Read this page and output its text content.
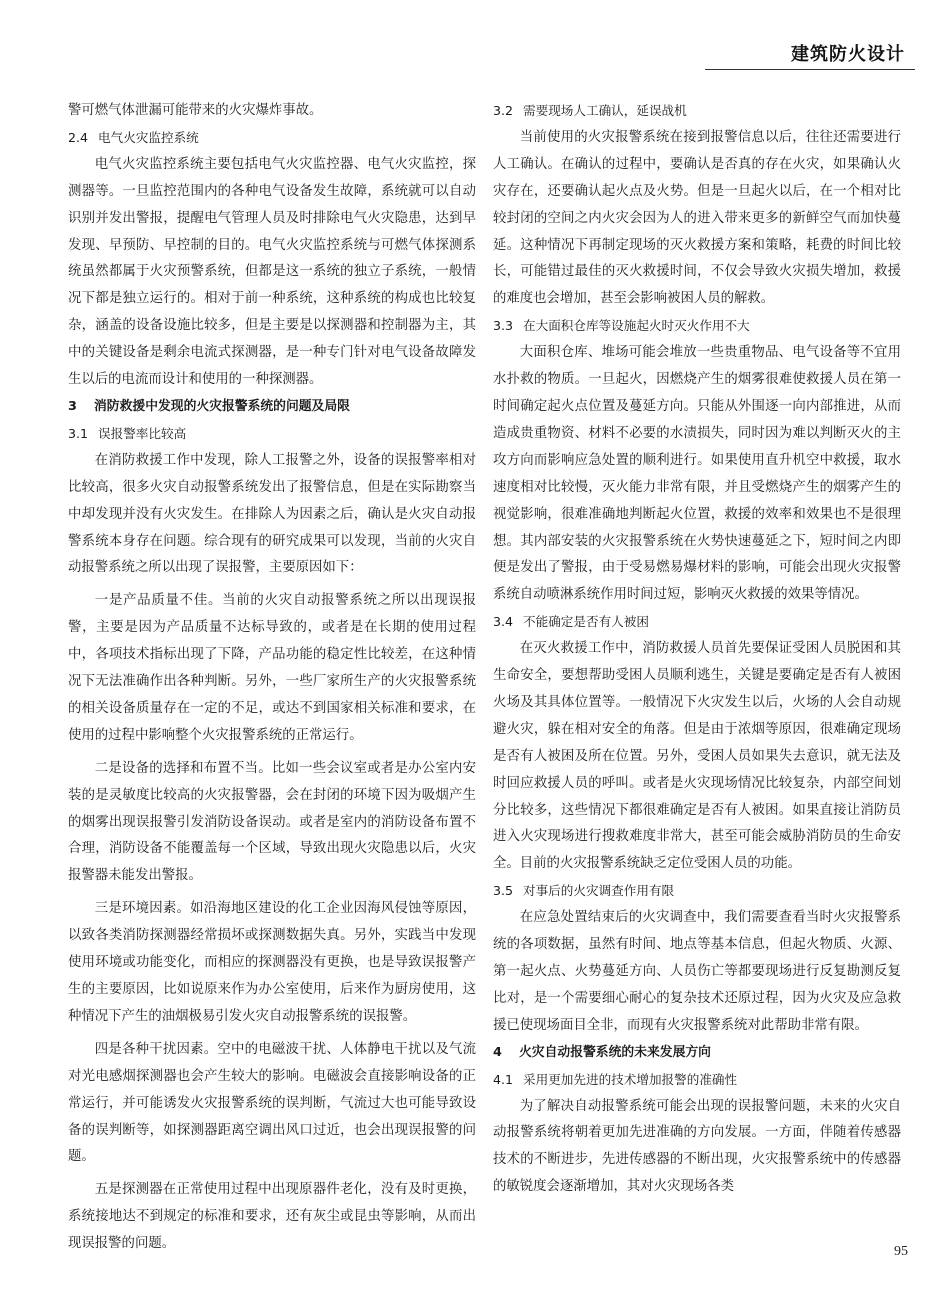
建筑防火设计

警可燃气体泄漏可能带来的火灾爆炸事故。

2.4 电气火灾监控系统

电气火灾监控系统主要包括电气火灾监控器、电气火灾监控，探测器等。一旦监控范围内的各种电气设备发生故障，系统就可以自动识别并发出警报，提醒电气管理人员及时排除电气火灾隐患，达到早发现、早预防、早控制的目的。电气火灾监控系统与可燃气体探测系统虽然都属于火灾预警系统，但都是这一系统的独立子系统，一般情况下都是独立运行的。相对于前一种系统，这种系统的构成也比较复杂，涵盖的设备设施比较多，但是主要是以探测器和控制器为主，其中的关键设备是剩余电流式探测器，是一种专门针对电气设备故障发生以后的电流而设计和使用的一种探测器。

3 消防救援中发现的火灾报警系统的问题及局限

3.1 误报警率比较高

在消防救援工作中发现，除人工报警之外，设备的误报警率相对比较高，很多火灾自动报警系统发出了报警信息，但是在实际勘察当中却发现并没有火灾发生。在排除人为因素之后，确认是火灾自动报警系统本身存在问题。综合现有的研究成果可以发现，当前的火灾自动报警系统之所以出现了误报警，主要原因如下：

一是产品质量不佳。当前的火灾自动报警系统之所以出现误报警，主要是因为产品质量不达标导致的，或者是在长期的使用过程中，各项技术指标出现了下降，产品功能的稳定性比较差，在这种情况下无法准确作出各种判断。另外，一些厂家所生产的火灾报警系统的相关设备质量存在一定的不足，或达不到国家相关标准和要求，在使用的过程中影响整个火灾报警系统的正常运行。

二是设备的选择和布置不当。比如一些会议室或者是办公室内安装的是灵敏度比较高的火灾报警器，会在封闭的环境下因为吸烟产生的烟雾出现误报警引发消防设备误动。或者是室内的消防设备布置不合理，消防设备不能覆盖每一个区域，导致出现火灾隐患以后，火灾报警器未能发出警报。

三是环境因素。如沿海地区建设的化工企业因海风侵蚀等原因，以致各类消防探测器经常损坏或探测数据失真。另外，实践当中发现使用环境或功能变化，而相应的探测器没有更换，也是导致误报警产生的主要原因，比如说原来作为办公室使用，后来作为厨房使用，这种情况下产生的油烟极易引发火灾自动报警系统的误报警。

四是各种干扰因素。空中的电磁波干扰、人体静电干扰以及气流对光电感烟探测器也会产生较大的影响。电磁波会直接影响设备的正常运行，并可能诱发火灾报警系统的误判断，气流过大也可能导致设备的误判断等，如探测器距离空调出风口过近，也会出现误报警的问题。

五是探测器在正常使用过程中出现原器件老化，没有及时更换，系统接地达不到规定的标准和要求，还有灰尘或昆虫等影响，从而出现误报警的问题。

3.2 需要现场人工确认，延误战机

当前使用的火灾报警系统在接到报警信息以后，往往还需要进行人工确认。在确认的过程中，要确认是否真的存在火灾，如果确认火灾存在，还要确认起火点及火势。但是一旦起火以后，在一个相对比较封闭的空间之内火灾会因为人的进入带来更多的新鲜空气而加快蔓延。这种情况下再制定现场的灭火救援方案和策略，耗费的时间比较长，可能错过最佳的灭火救援时间，不仅会导致火灾损失增加，救援的难度也会增加，甚至会影响被困人员的解救。

3.3 在大面积仓库等设施起火时灭火作用不大

大面积仓库、堆场可能会堆放一些贵重物品、电气设备等不宜用水扑救的物质。一旦起火，因燃烧产生的烟雾很难使救援人员在第一时间确定起火点位置及蔓延方向。只能从外围逐一向内部推进，从而造成贵重物资、材料不必要的水渍损失，同时因为难以判断灭火的主攻方向而影响应急处置的顺利进行。如果使用直升机空中救援，取水速度相对比较慢，灭火能力非常有限，并且受燃烧产生的烟雾产生的视觉影响，很难准确地判断起火位置，救援的效率和效果也不是很理想。其内部安装的火灾报警系统在火势快速蔓延之下，短时间之内即便是发出了警报，由于受易燃易爆材料的影响，可能会出现火灾报警系统自动喷淋系统作用时间过短，影响灭火救援的效果等情况。

3.4 不能确定是否有人被困

在灭火救援工作中，消防救援人员首先要保证受困人员脱困和其生命安全，要想帮助受困人员顺利逃生，关键是要确定是否有人被困火场及其具体位置等。一般情况下火灾发生以后，火场的人会自动规避火灾，躲在相对安全的角落。但是由于浓烟等原因，很难确定现场是否有人被困及所在位置。另外，受困人员如果失去意识，就无法及时回应救援人员的呼叫。或者是火灾现场情况比较复杂，内部空间划分比较多，这些情况下都很难确定是否有人被困。如果直接让消防员进入火灾现场进行搜救难度非常大，甚至可能会威胁消防员的生命安全。目前的火灾报警系统缺乏定位受困人员的功能。

3.5 对事后的火灾调查作用有限

在应急处置结束后的火灾调查中，我们需要查看当时火灾报警系统的各项数据，虽然有时间、地点等基本信息，但起火物质、火源、第一起火点、火势蔓延方向、人员伤亡等都要现场进行反复勘测反复比对，是一个需要细心耐心的复杂技术还原过程，因为火灾及应急救援已使现场面目全非，而现有火灾报警系统对此帮助非常有限。

4 火灾自动报警系统的未来发展方向

4.1 采用更加先进的技术增加报警的准确性

为了解决自动报警系统可能会出现的误报警问题，未来的火灾自动报警系统将朝着更加先进准确的方向发展。一方面，伴随着传感器技术的不断进步，先进传感器的不断出现，火灾报警系统中的传感器的敏锐度会逐渐增加，其对火灾现场各类

95
